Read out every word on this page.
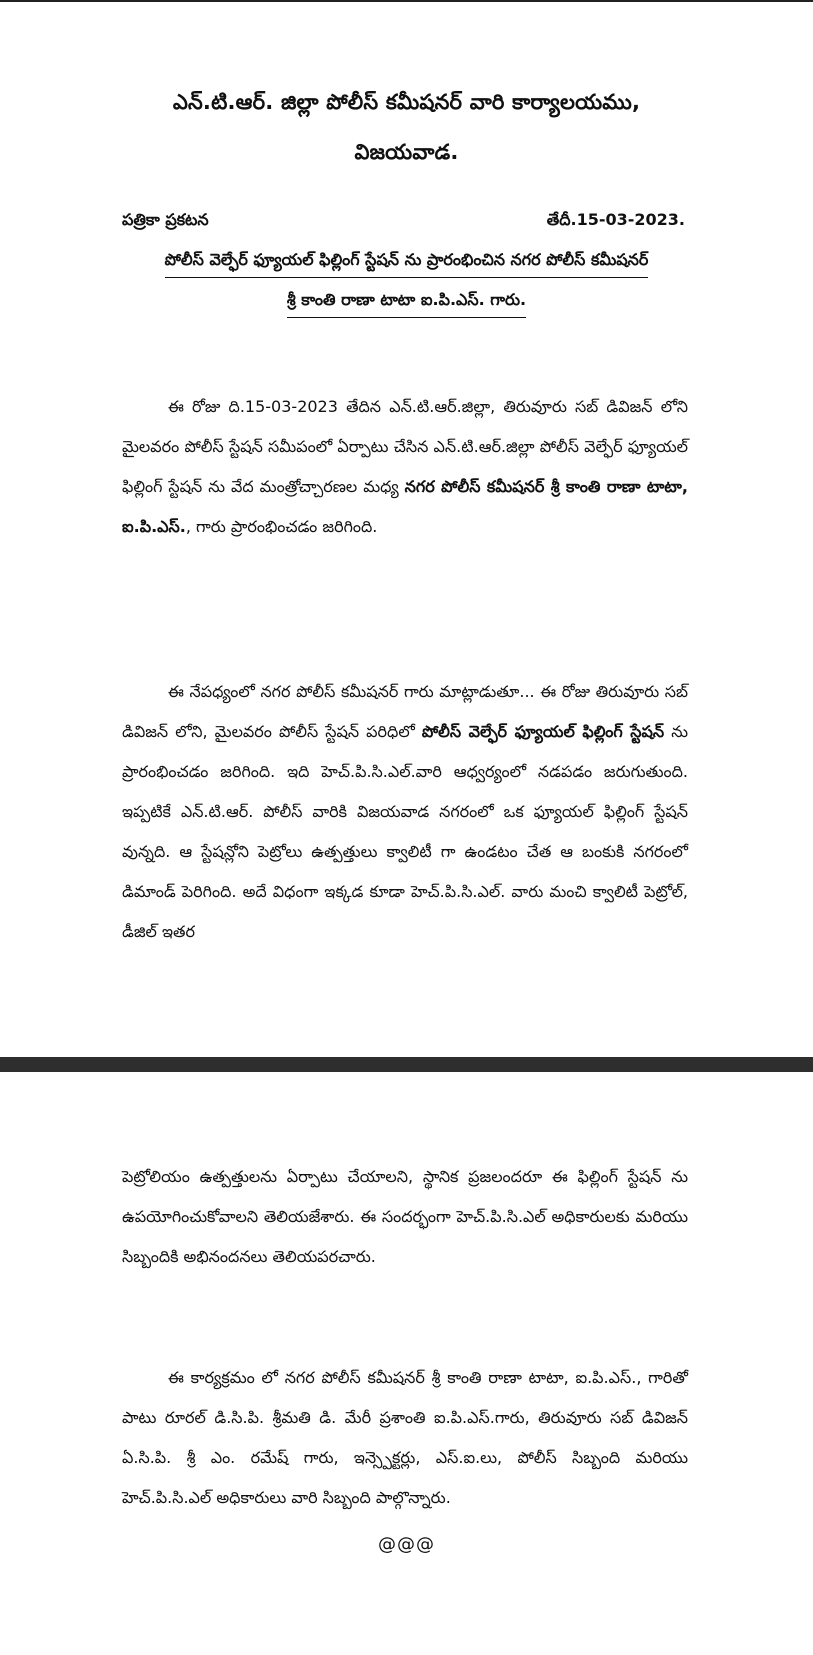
ఎన్.టి.ఆర్. జిల్లా పోలీస్ కమీషనర్ వారి కార్యాలయము,
విజయవాడ.
పత్రికా ప్రకటన	తేదీ.15-03-2023.
పోలీస్ వెల్ఫేర్ ఫ్యూయల్ ఫిల్లింగ్ స్టేషన్ ను ప్రారంభించిన నగర పోలీస్ కమీషనర్
శ్రీ కాంతి రాణా టాటా ఐ.పి.ఎస్. గారు.

ఈ రోజు ది.15-03-2023 తేదిన ఎన్.టి.ఆర్.జిల్లా, తిరువూరు సబ్ డివిజన్ లోని మైలవరం పోలీస్ స్టేషన్ సమీపంలో ఏర్పాటు చేసిన ఎన్.టి.ఆర్.జిల్లా పోలీస్ వెల్ఫేర్ ఫ్యూయల్ ఫిల్లింగ్ స్టేషన్ ను వేద మంత్రోచ్చారణల మధ్య నగర పోలీస్ కమీషనర్ శ్రీ కాంతి రాణా టాటా, ఐ.పి.ఎస్., గారు ప్రారంభించడం జరిగింది.

ఈ నేపధ్యంలో నగర పోలీస్ కమీషనర్ గారు మాట్లాడుతూ... ఈ రోజు తిరువూరు సబ్ డివిజన్ లోని, మైలవరం పోలీస్ స్టేషన్ పరిధిలో పోలీస్ వెల్ఫేర్ ఫ్యూయల్ ఫిల్లింగ్ స్టేషన్ ను ప్రారంభించడం జరిగింది. ఇది హెచ్.పి.సి.ఎల్.వారి ఆధ్వర్యంలో నడపడం జరుగుతుంది. ఇప్పటికే ఎన్.టి.ఆర్. పోలీస్ వారికి విజయవాడ నగరంలో ఒక ఫ్యూయల్ ఫిల్లింగ్ స్టేషన్ వున్నది. ఆ స్టేషన్లోని పెట్రోలు ఉత్పత్తులు క్వాలిటీ గా ఉండటం చేత ఆ బంకుకి నగరంలో డిమాండ్ పెరిగింది. అదే విధంగా ఇక్కడ కూడా హెచ్.పి.సి.ఎల్. వారు మంచి క్వాలిటీ పెట్రోల్, డీజిల్ ఇతర

పెట్రోలియం ఉత్పత్తులను ఏర్పాటు చేయాలని, స్థానిక ప్రజలందరూ ఈ ఫిల్లింగ్ స్టేషన్ ను ఉపయోగించుకోవాలని తెలియజేశారు. ఈ సందర్భంగా హెచ్.పి.సి.ఎల్ అధికారులకు మరియు సిబ్బందికి అభినందనలు తెలియపరచారు.

ఈ కార్యక్రమం లో నగర పోలీస్ కమీషనర్ శ్రీ కాంతి రాణా టాటా, ఐ.పి.ఎస్., గారితో పాటు రూరల్ డి.సి.పి. శ్రీమతి డి. మేరీ ప్రశాంతి ఐ.పి.ఎస్.గారు, తిరువూరు సబ్ డివిజన్ ఏ.సి.పి. శ్రీ ఎం. రమేష్ గారు, ఇన్స్పెక్టర్లు, ఎస్.ఐ.లు, పోలీస్ సిబ్బంది మరియు హెచ్.పి.సి.ఎల్ అధికారులు వారి సిబ్బంది పాల్గొన్నారు.

@@@
